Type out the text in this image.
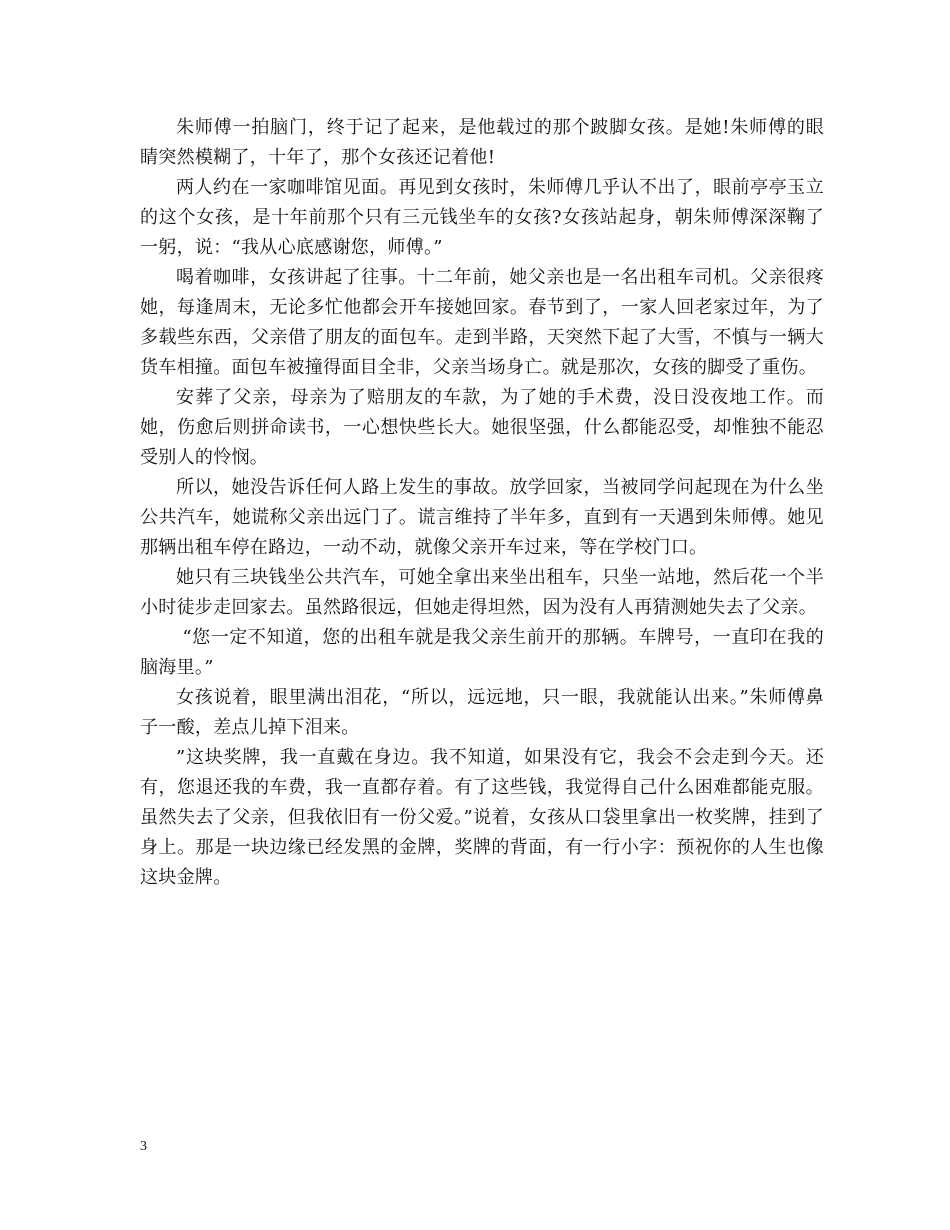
朱师傅一拍脑门，终于记了起来，是他载过的那个跛脚女孩。是她!朱师傅的眼睛突然模糊了，十年了，那个女孩还记着他!

两人约在一家咖啡馆见面。再见到女孩时，朱师傅几乎认不出了，眼前亭亭玉立的这个女孩，是十年前那个只有三元钱坐车的女孩?女孩站起身，朝朱师傅深深鞠了一躬，说：“我从心底感谢您，师傅。”

喝着咖啡，女孩讲起了往事。十二年前，她父亲也是一名出租车司机。父亲很疼她，每逢周末，无论多忙他都会开车接她回家。春节到了，一家人回老家过年，为了多载些东西，父亲借了朋友的面包车。走到半路，天突然下起了大雪，不慎与一辆大货车相撞。面包车被撞得面目全非，父亲当场身亡。就是那次，女孩的脚受了重伤。

安葬了父亲，母亲为了赔朋友的车款，为了她的手术费，没日没夜地工作。而她，伤愈后则拼命读书，一心想快些长大。她很坚强，什么都能忍受，却惟独不能忍受别人的怜悯。

所以，她没告诉任何人路上发生的事故。放学回家，当被同学问起现在为什么坐公共汽车，她谎称父亲出远门了。谎言维持了半年多，直到有一天遇到朱师傅。她见那辆出租车停在路边，一动不动，就像父亲开车过来，等在学校门口。

她只有三块钱坐公共汽车，可她全拿出来坐出租车，只坐一站地，然后花一个半小时徒步走回家去。虽然路很远，但她走得坦然，因为没有人再猜测她失去了父亲。

“您一定不知道，您的出租车就是我父亲生前开的那辆。车牌号，一直印在我的脑海里。”

女孩说着，眼里满出泪花，“所以，远远地，只一眼，我就能认出来。”朱师傅鼻子一酸，差点儿掉下泪来。

”这块奖牌，我一直戴在身边。我不知道，如果没有它，我会不会走到今天。还有，您退还我的车费，我一直都存着。有了这些钱，我觉得自己什么困难都能克服。虽然失去了父亲，但我依旧有一份父爱。”说着，女孩从口袋里拿出一枚奖牌，挂到了身上。那是一块边缘已经发黑的金牌，奖牌的背面，有一行小字：预祝你的人生也像这块金牌。

3
